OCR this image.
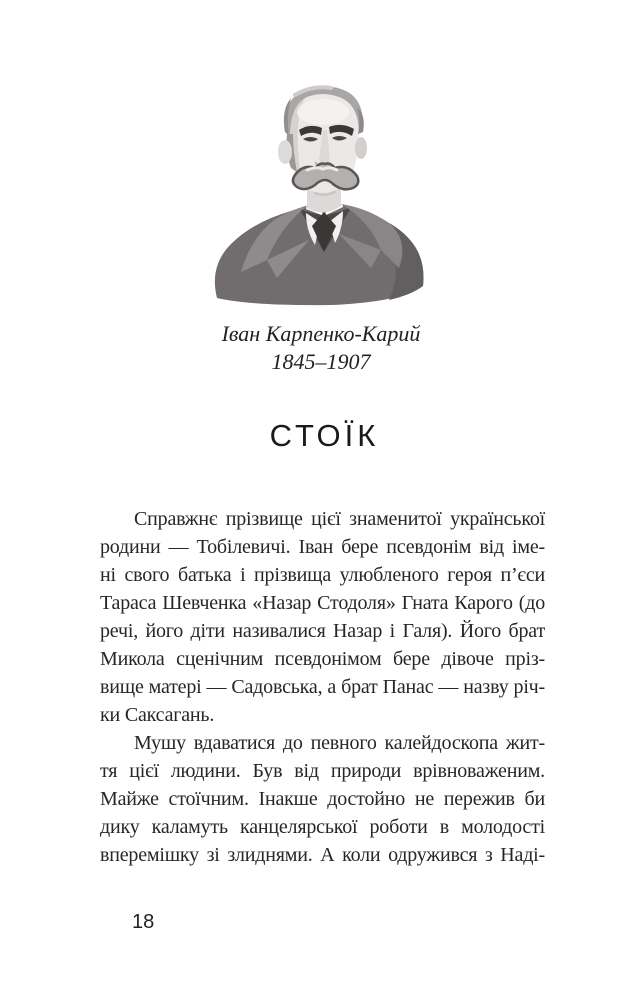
Іван Карпенко-Карий
1845–1907
СТОЇК
Справжнє прізвище цієї знаменитої української
родини — Тобілевичі. Іван бере псевдонім від іме-
ні свого батька і прізвища улюбленого героя п’єси
Тараса Шевченка «Назар Стодоля» Гната Карого (до
речі, його діти називалися Назар і Галя). Його брат
Микола сценічним псевдонімом бере дівоче пріз-
вище матері — Садовська, а брат Панас — назву річ-
ки Саксагань.
Мушу вдаватися до певного калейдоскопа жит-
тя цієї людини. Був від природи врівноваженим.
Майже стоїчним. Інакше достойно не пережив би
дику каламуть канцелярської роботи в молодості
вперемішку зі злиднями. А коли одружився з Наді-
18
